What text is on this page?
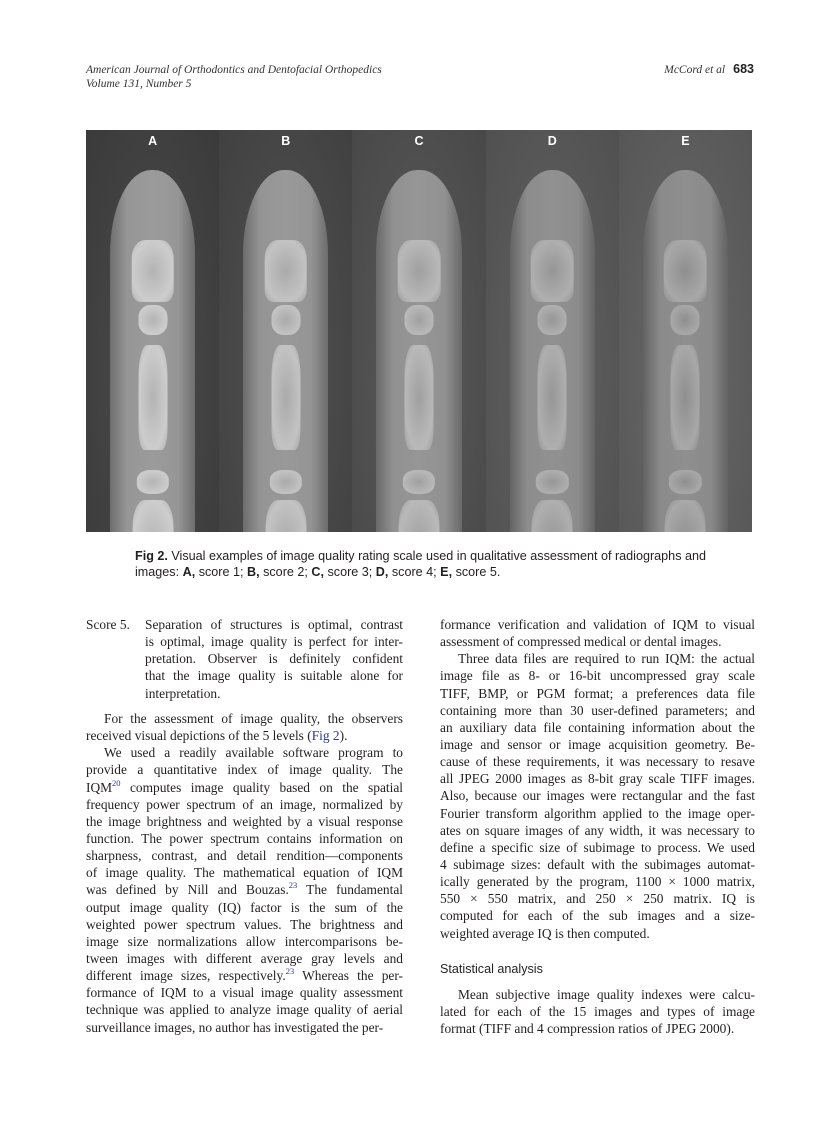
American Journal of Orthodontics and Dentofacial Orthopedics
Volume 131, Number 5
McCord et al 683
A	B	C	D	E
Fig 2. Visual examples of image quality rating scale used in qualitative assessment of radiographs and images: A, score 1; B, score 2; C, score 3; D, score 4; E, score 5.
Score 5. Separation of structures is optimal, contrast
is optimal, image quality is perfect for inter-
pretation. Observer is definitely confident
that the image quality is suitable alone for
interpretation.
For the assessment of image quality, the observers
received visual depictions of the 5 levels (Fig 2).
We used a readily available software program to
provide a quantitative index of image quality. The
IQM$^{20}$ computes image quality based on the spatial
frequency power spectrum of an image, normalized by
the image brightness and weighted by a visual response
function. The power spectrum contains information on
sharpness, contrast, and detail rendition—components
of image quality. The mathematical equation of IQM
was defined by Nill and Bouzas.$^{23}$ The fundamental
output image quality (IQ) factor is the sum of the
weighted power spectrum values. The brightness and
image size normalizations allow intercomparisons be-
tween images with different average gray levels and
different image sizes, respectively.$^{23}$ Whereas the per-
formance of IQM to a visual image quality assessment
technique was applied to analyze image quality of aerial
surveillance images, no author has investigated the per-
formance verification and validation of IQM to visual
assessment of compressed medical or dental images.
Three data files are required to run IQM: the actual
image file as 8- or 16-bit uncompressed gray scale
TIFF, BMP, or PGM format; a preferences data file
containing more than 30 user-defined parameters; and
an auxiliary data file containing information about the
image and sensor or image acquisition geometry. Be-
cause of these requirements, it was necessary to resave
all JPEG 2000 images as 8-bit gray scale TIFF images.
Also, because our images were rectangular and the fast
Fourier transform algorithm applied to the image oper-
ates on square images of any width, it was necessary to
define a specific size of subimage to process. We used
4 subimage sizes: default with the subimages automat-
ically generated by the program, 1100 × 1000 matrix,
550 × 550 matrix, and 250 × 250 matrix. IQ is
computed for each of the sub images and a size-
weighted average IQ is then computed.
Statistical analysis
Mean subjective image quality indexes were calcu-
lated for each of the 15 images and types of image
format (TIFF and 4 compression ratios of JPEG 2000).
